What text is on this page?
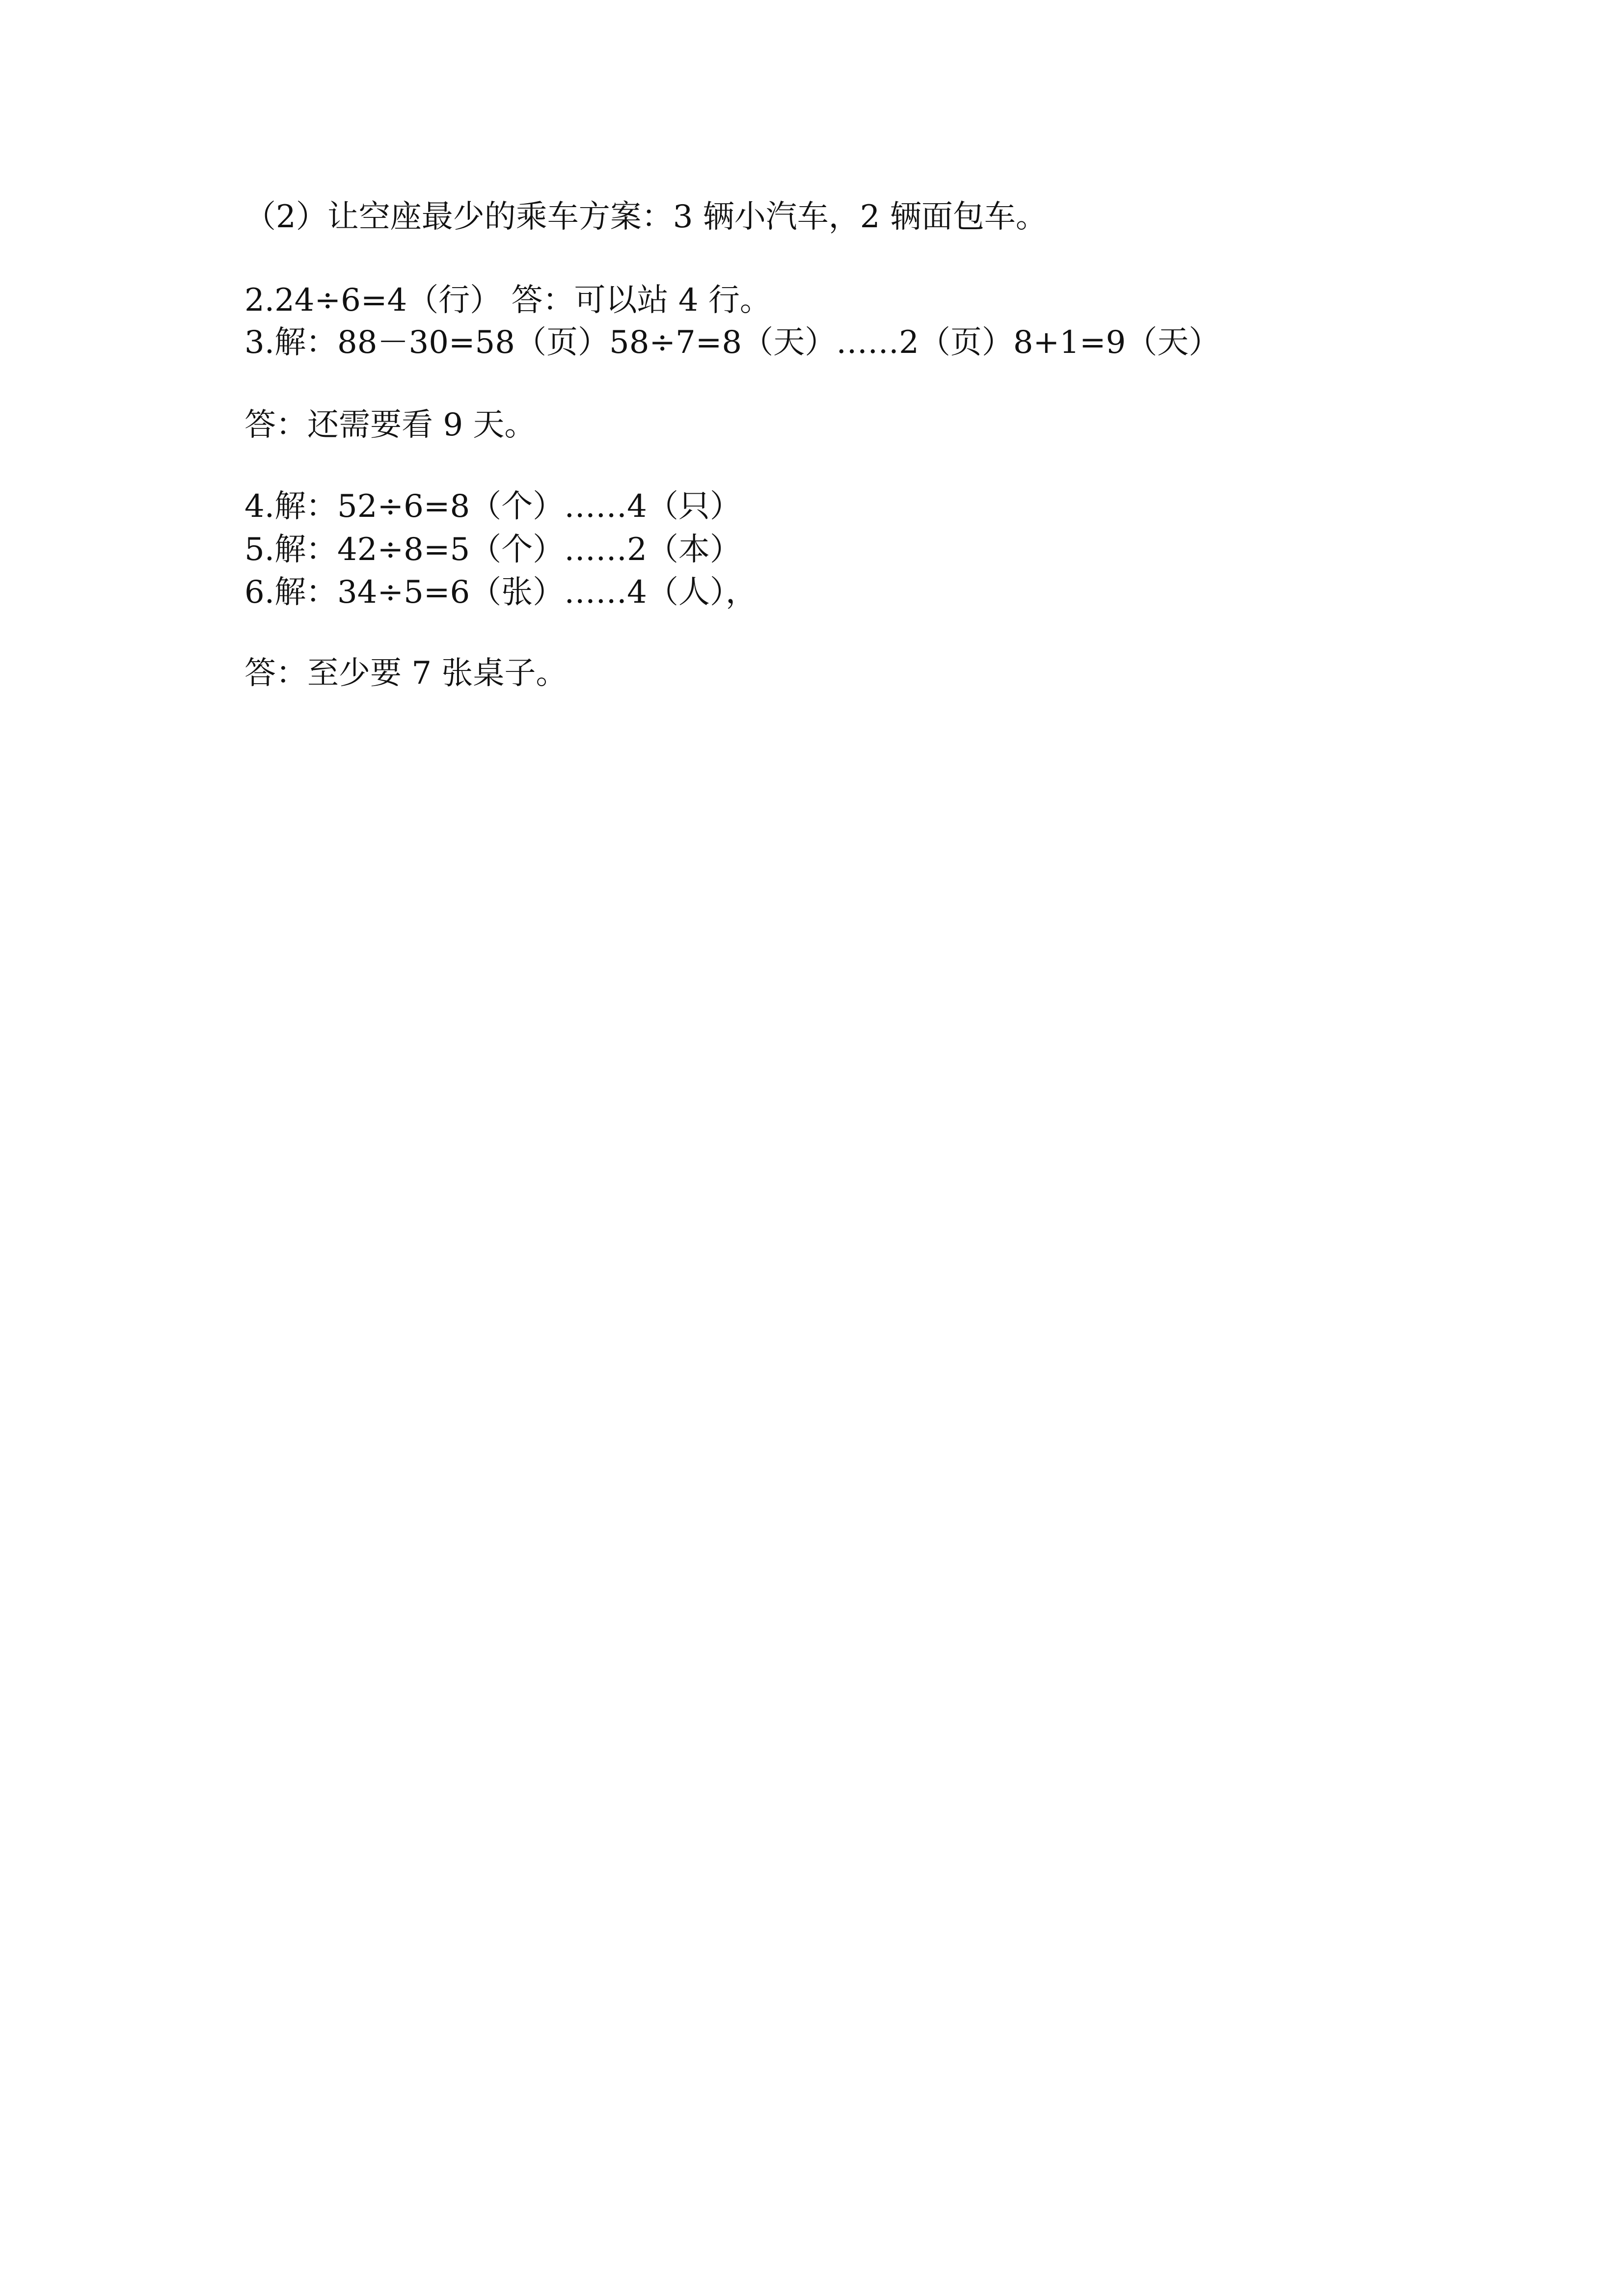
（2）让空座最少的乘车方案：3 辆小汽车，2 辆面包车。
2.24÷6=4（行） 答：可以站 4 行。
3.解：88－30=58（页）58÷7=8（天）……2（页）8+1=9（天）
答：还需要看 9 天。
4.解：52÷6=8（个）……4（只）
5.解：42÷8=5（个）……2（本）
6.解：34÷5=6（张）……4（人），
答：至少要 7 张桌子。
